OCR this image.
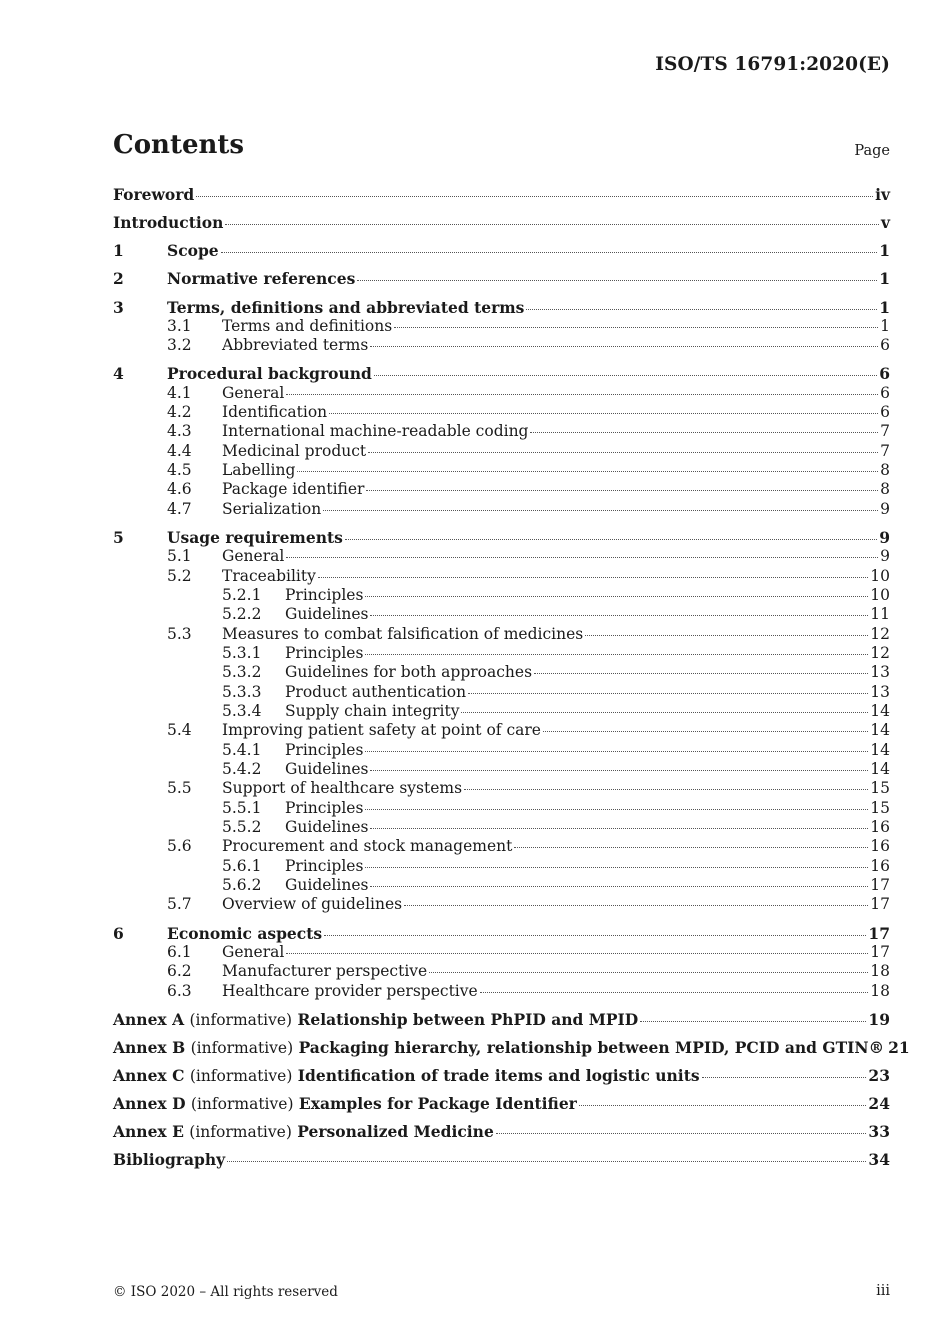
ISO/TS 16791:2020(E)
Contents	Page
Foreword	iv
Introduction	v
1	Scope	1
2	Normative references	1
3	Terms, definitions and abbreviated terms	1
3.1	Terms and definitions	1
3.2	Abbreviated terms	6
4	Procedural background	6
4.1	General	6
4.2	Identification	6
4.3	International machine-readable coding	7
4.4	Medicinal product	7
4.5	Labelling	8
4.6	Package identifier	8
4.7	Serialization	9
5	Usage requirements	9
5.1	General	9
5.2	Traceability	10
5.2.1	Principles	10
5.2.2	Guidelines	11
5.3	Measures to combat falsification of medicines	12
5.3.1	Principles	12
5.3.2	Guidelines for both approaches	13
5.3.3	Product authentication	13
5.3.4	Supply chain integrity	14
5.4	Improving patient safety at point of care	14
5.4.1	Principles	14
5.4.2	Guidelines	14
5.5	Support of healthcare systems	15
5.5.1	Principles	15
5.5.2	Guidelines	16
5.6	Procurement and stock management	16
5.6.1	Principles	16
5.6.2	Guidelines	17
5.7	Overview of guidelines	17
6	Economic aspects	17
6.1	General	17
6.2	Manufacturer perspective	18
6.3	Healthcare provider perspective	18
Annex A (informative) Relationship between PhPID and MPID	19
Annex B (informative) Packaging hierarchy, relationship between MPID, PCID and GTIN® 21
Annex C (informative) Identification of trade items and logistic units	23
Annex D (informative) Examples for Package Identifier	24
Annex E (informative) Personalized Medicine	33
Bibliography	34
© ISO 2020 – All rights reserved	iii
